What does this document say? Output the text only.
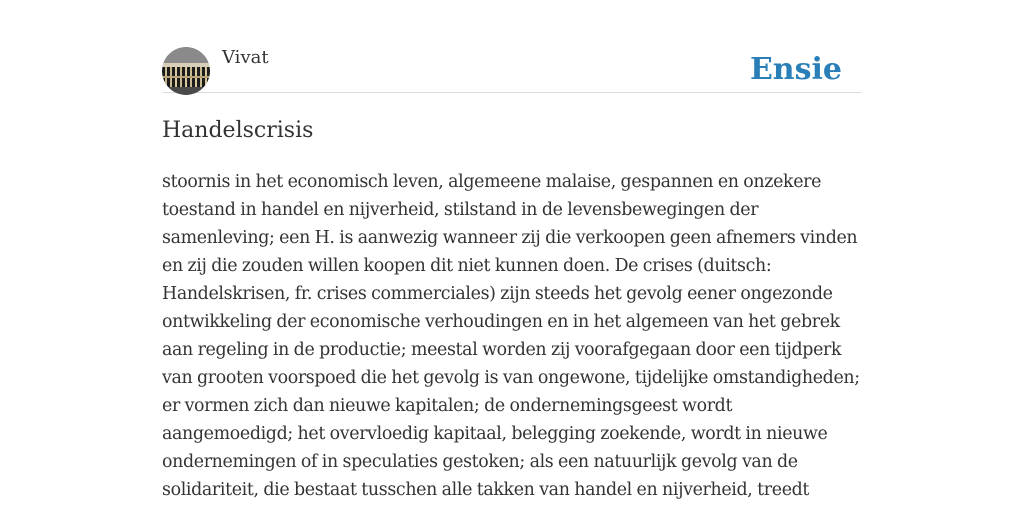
Vivat	Ensie
Handelscrisis

stoornis in het economisch leven, algemeene malaise, gespannen en onzekere toestand in handel en nijverheid, stilstand in de levensbewegingen der samenleving; een H. is aanwezig wanneer zij die verkoopen geen afnemers vinden en zij die zouden willen koopen dit niet kunnen doen. De crises (duitsch: Handelskrisen, fr. crises commerciales) zijn steeds het gevolg eener ongezonde ontwikkeling der economische verhoudingen en in het algemeen van het gebrek aan regeling in de productie; meestal worden zij voorafgegaan door een tijdperk van grooten voorspoed die het gevolg is van ongewone, tijdelijke omstandigheden; er vormen zich dan nieuwe kapitalen; de ondernemingsgeest wordt aangemoedigd; het overvloedig kapitaal, belegging zoekende, wordt in nieuwe ondernemingen of in speculaties gestoken; als een natuurlijk gevolg van de solidariteit, die bestaat tusschen alle takken van handel en nijverheid, treedt
